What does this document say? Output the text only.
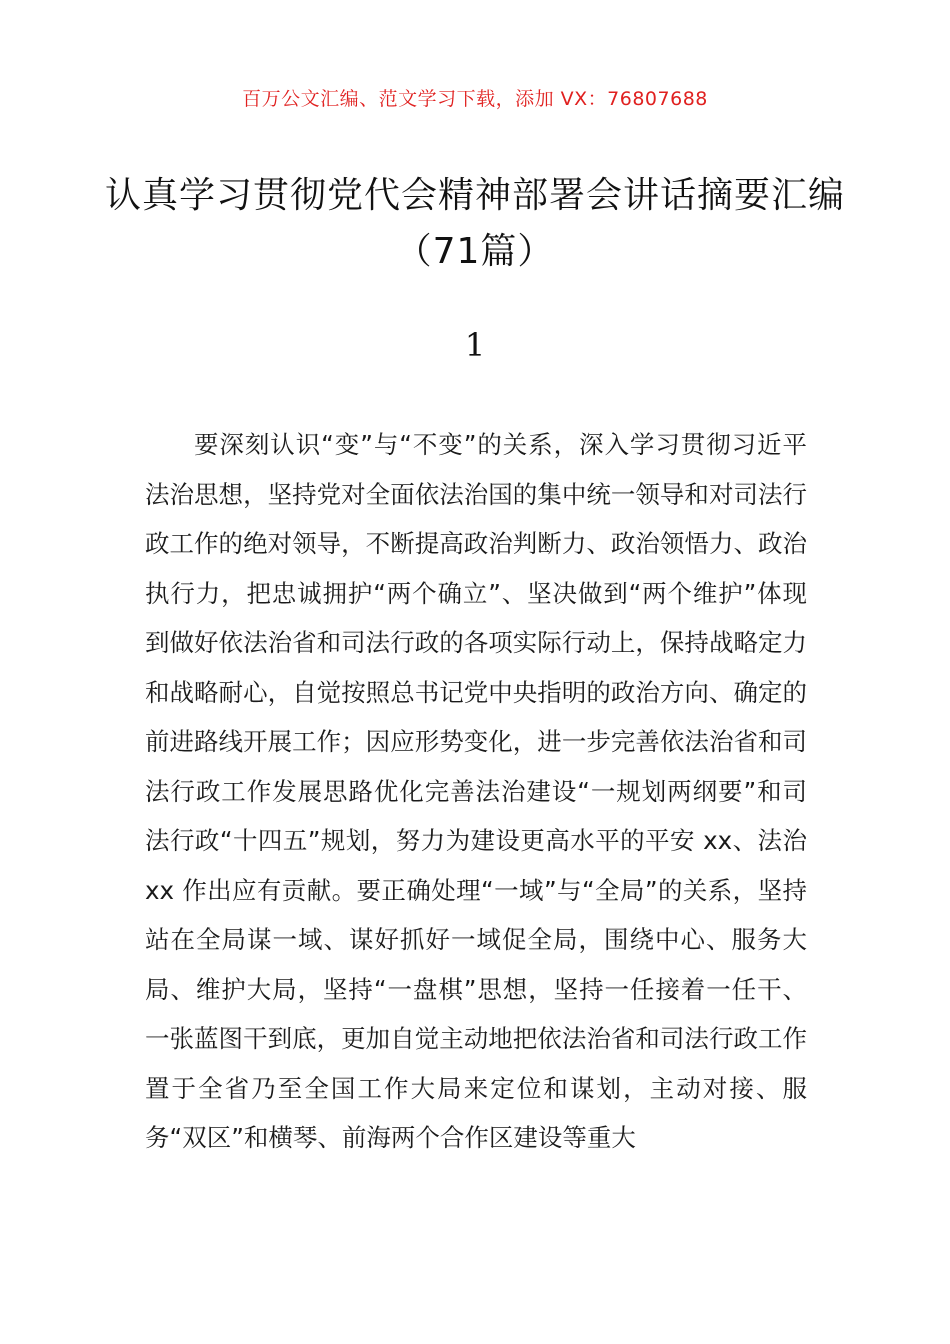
百万公文汇编、范文学习下载，添加 VX：76807688
认真学习贯彻党代会精神部署会讲话摘要汇编（71篇）
1

要深刻认识“变”与“不变”的关系，深入学习贯彻习近平法治思想，坚持党对全面依法治国的集中统一领导和对司法行政工作的绝对领导，不断提高政治判断力、政治领悟力、政治执行力，把忠诚拥护“两个确立”、坚决做到“两个维护”体现到做好依法治省和司法行政的各项实际行动上，保持战略定力和战略耐心，自觉按照总书记党中央指明的政治方向、确定的前进路线开展工作；因应形势变化，进一步完善依法治省和司法行政工作发展思路优化完善法治建设“一规划两纲要”和司法行政“十四五”规划，努力为建设更高水平的平安 xx、法治 xx 作出应有贡献。要正确处理“一域”与“全局”的关系，坚持站在全局谋一域、谋好抓好一域促全局，围绕中心、服务大局、维护大局，坚持“一盘棋”思想，坚持一任接着一任干、一张蓝图干到底，更加自觉主动地把依法治省和司法行政工作置于全省乃至全国工作大局来定位和谋划，主动对接、服务“双区”和横琴、前海两个合作区建设等重大
